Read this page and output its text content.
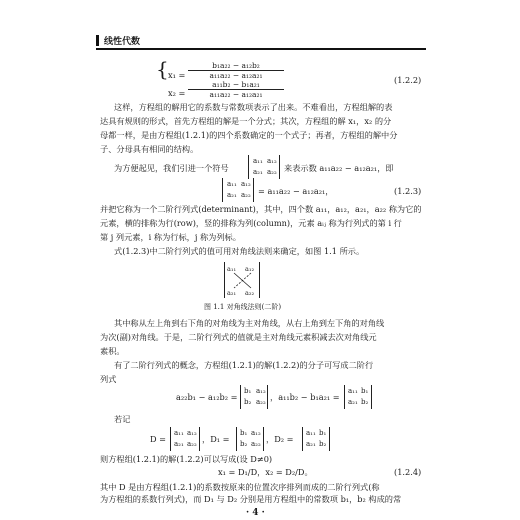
线性代数
{ $x_1 = \frac{\text{b₁a₂₂ − a₁₂b₂}}{\text{a₁₁a₂₂ − a₁₂a₂₁}}$
$x_2 = \frac{\text{a₁₁b₂ − b₁a₂₁}}{\text{a₁₁a₂₂ − a₁₂a₂₁}}$	(1.2.2)
这样，方程组的解用它的系数与常数项表示了出来。不难看出，方程组解的表
达具有规则的形式，首先方程组的解是一个分式；其次，方程组的解 x₁，x₂ 的分
母都一样，是由方程组(1.2.1)的四个系数确定的一个式子；再者，方程组的解中分
子、分母具有相同的结构。
为方便起见，我们引进一个符号
a₁₁ a₁₂
a₂₁ a₂₂ 来表示数 a₁₁a₂₂ − a₁₂a₂₁，即
a₁₁ a₁₂
a₂₁ a₂₂ = a₁₁a₂₂ − a₁₂a₂₁，	(1.2.3)
并把它称为一个二阶行列式(determinant)，其中，四个数 a₁₁，a₁₂，a₂₁，a₂₂ 称为它的
元素，横的排称为行(row)，竖的排称为列(column)，元素 aᵢⱼ 称为行列式的第 i 行
第 j 列元素，i 称为行标，j 称为列标。
式(1.2.3)中二阶行列式的值可用对角线法则来确定，如图 1.1 所示。
a₁₁ a₁₂
a₂₁ a₂₂
图 1.1 对角线法则(二阶)
其中称从左上角到右下角的对角线为主对角线，从右上角到左下角的对角线
为次(副)对角线。于是，二阶行列式的值就是主对角线元素积减去次对角线元
素积。
有了二阶行列式的概念，方程组(1.2.1)的解(1.2.2)的分子可写成二阶行
列式
a₂₂b₁ − a₁₂b₂ =
b₁ a₁₂
b₂ a₂₂ ，a₁₁b₂ − b₁a₂₁ =
a₁₁ b₁
a₂₁ b₂
若记
D =
a₁₁ a₁₂
a₂₁ a₂₂ ，D₁ =
b₁ a₁₂
b₂ a₂₂ ，D₂ =
a₁₁ b₁
a₂₁ b₂
则方程组(1.2.1)的解(1.2.2)可以写成(设 D≠0)
x₁ = D₁/D，x₂ = D₂/D。	(1.2.4)
其中 D 是由方程组(1.2.1)的系数按原来的位置次序排列而成的二阶行列式(称
为方程组的系数行列式)，而 D₁ 与 D₂ 分别是用方程组中的常数项 b₁，b₂ 构成的常
· 4 ·
